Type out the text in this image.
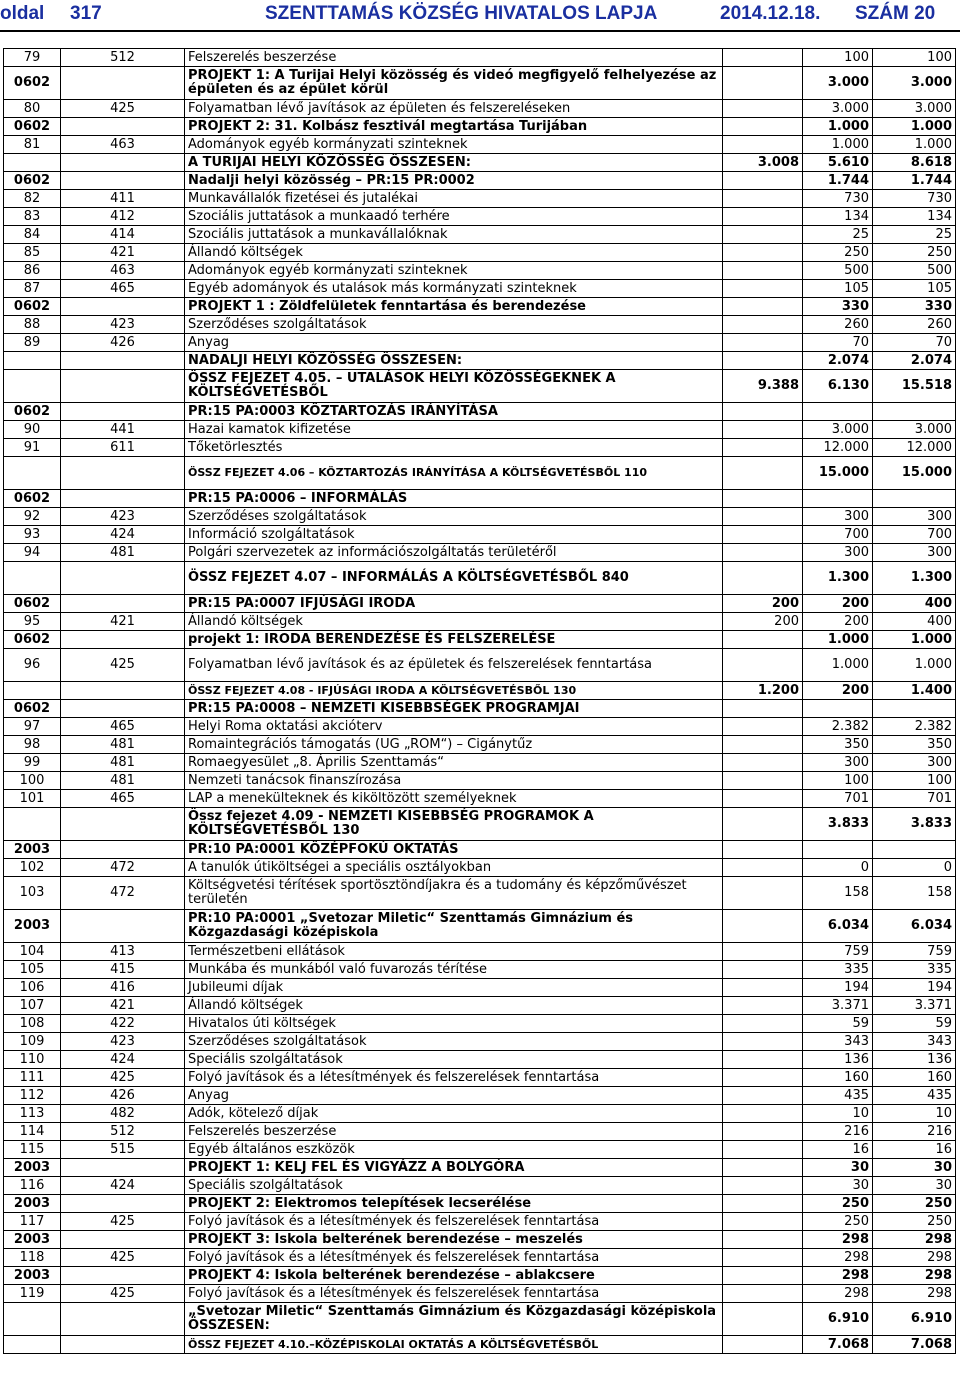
oldal 317	SZENTTAMÁS KÖZSÉG HIVATALOS LAPJA	2014.12.18. SZÁM 20
79	512	Felszerelés beszerzése		100	100
0602		PROJEKT 1: A Turijai Helyi közösség és videó megfigyelő felhelyezése az épületen és az épület körül		3.000	3.000
80	425	Folyamatban lévő javítások az épületen és felszereléseken		3.000	3.000
0602		PROJEKT 2: 31. Kolbász fesztivál megtartása Turijában		1.000	1.000
81	463	Adományok egyéb kormányzati szinteknek		1.000	1.000
		A TURIJAI HELYI KÖZÖSSÉG ÖSSZESEN:	3.008	5.610	8.618
0602		Nadalji helyi közösség – PR:15 PR:0002		1.744	1.744
82	411	Munkavállalók fizetései és jutalékai		730	730
83	412	Szociális juttatások a munkaadó terhére		134	134
84	414	Szociális juttatások a munkavállalóknak		25	25
85	421	Állandó költségek		250	250
86	463	Adományok egyéb kormányzati szinteknek		500	500
87	465	Egyéb adományok és utalások más kormányzati szinteknek		105	105
0602		PROJEKT 1 : Zöldfelületek fenntartása és berendezése		330	330
88	423	Szerződéses szolgáltatások		260	260
89	426	Anyag		70	70
		NADALJI HELYI KÖZÖSSÉG ÖSSZESEN:		2.074	2.074
		ÖSSZ FEJEZET 4.05. – UTALÁSOK HELYI KÖZÖSSÉGEKNEK A KÖLTSÉGVETÉSBŐL	9.388	6.130	15.518
0602		PR:15 PA:0003 KÖZTARTOZÁS IRÁNYÍTÁSA			
90	441	Hazai kamatok kifizetése		3.000	3.000
91	611	Tőketörlesztés		12.000	12.000
		ÖSSZ FEJEZET 4.06 – KÖZTARTOZÁS IRÁNYÍTÁSA A KÖLTSÉGVETÉSBŐL 110		15.000	15.000
0602		PR:15 PA:0006 – INFORMÁLÁS			
92	423	Szerződéses szolgáltatások		300	300
93	424	Információ szolgáltatások		700	700
94	481	Polgári szervezetek az információszolgáltatás területéről		300	300
		ÖSSZ FEJEZET 4.07 – INFORMÁLÁS A KÖLTSÉGVETÉSBŐL 840		1.300	1.300
0602		PR:15 PA:0007 IFJÚSÁGI IRODA	200	200	400
95	421	Állandó költségek	200	200	400
0602		projekt 1: IRODA BERENDEZÉSE ÉS FELSZERELÉSE		1.000	1.000
96	425	Folyamatban lévő javítások és az épületek és felszerelések fenntartása		1.000	1.000
		ÖSSZ FEJEZET 4.08 - IFJÚSÁGI IRODA A KÖLTSÉGVETÉSBŐL 130	1.200	200	1.400
0602		PR:15 PA:0008 – NEMZETI KISEBBSÉGEK PROGRAMJAI			
97	465	Helyi Roma oktatási akcióterv		2.382	2.382
98	481	Romaintegrációs támogatás (UG „ROM“) – Cigánytűz		350	350
99	481	Romaegyesület „8. Április Szenttamás“		300	300
100	481	Nemzeti tanácsok finanszírozása		100	100
101	465	LAP a menekülteknek és kiköltözött személyeknek		701	701
		Össz fejezet 4.09 - NEMZETI KISEBBSÉG PROGRAMOK A KÖLTSÉGVETÉSBŐL 130		3.833	3.833
2003		PR:10 PA:0001 KÖZÉPFOKÚ OKTATÁS			
102	472	A tanulók útiköltségei a speciális osztályokban		0	0
103	472	Költségvetési térítések sportösztöndíjakra és a tudomány és képzőművészet területén		158	158
2003		PR:10 PA:0001 „Svetozar Miletic“ Szenttamás Gimnázium és Közgazdasági középiskola		6.034	6.034
104	413	Természetbeni ellátások		759	759
105	415	Munkába és munkából való fuvarozás térítése		335	335
106	416	Jubileumi díjak		194	194
107	421	Állandó költségek		3.371	3.371
108	422	Hivatalos úti költségek		59	59
109	423	Szerződéses szolgáltatások		343	343
110	424	Speciális szolgáltatások		136	136
111	425	Folyó javítások és a létesítmények és felszerelések fenntartása		160	160
112	426	Anyag		435	435
113	482	Adók, kötelező díjak		10	10
114	512	Felszerelés beszerzése		216	216
115	515	Egyéb általános eszközök		16	16
2003		PROJEKT 1: KELJ FEL ÉS VIGYÁZZ A BOLYGÓRA		30	30
116	424	Speciális szolgáltatások		30	30
2003		PROJEKT 2: Elektromos telepítések lecserélése		250	250
117	425	Folyó javítások és a létesítmények és felszerelések fenntartása		250	250
2003		PROJEKT 3: Iskola belterének berendezése – meszelés		298	298
118	425	Folyó javítások és a létesítmények és felszerelések fenntartása		298	298
2003		PROJEKT 4: Iskola belterének berendezése – ablakcsere		298	298
119	425	Folyó javítások és a létesítmények és felszerelések fenntartása		298	298
		„Svetozar Miletic“ Szenttamás Gimnázium és Közgazdasági középiskola ÖSSZESEN:		6.910	6.910
		ÖSSZ FEJEZET 4.10.–KÖZÉPISKOLAI OKTATÁS A KÖLTSÉGVETÉSBŐL		7.068	7.068
